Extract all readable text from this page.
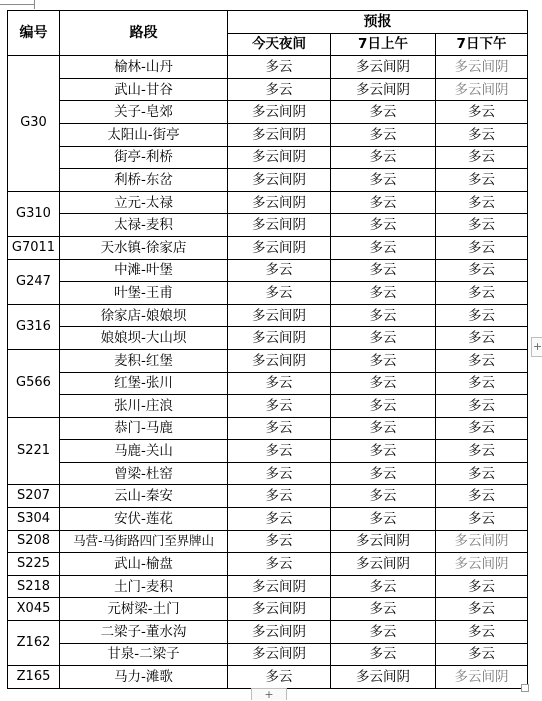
编号	路段	预报		
		今天夜间	7日上午	7日下午
G30	榆林-山丹	多云	多云间阴	多云间阴
	武山-甘谷	多云	多云间阴	多云间阴
	关子-皂郊	多云间阴	多云	多云
	太阳山-街亭	多云间阴	多云	多云
	街亭-利桥	多云间阴	多云	多云
	利桥-东岔	多云间阴	多云	多云
G310	立元-太禄	多云间阴	多云	多云
	太禄-麦积	多云间阴	多云	多云
G7011	天水镇-徐家店	多云间阴	多云	多云
G247	中滩-叶堡	多云	多云	多云
	叶堡-王甫	多云	多云	多云
G316	徐家店-娘娘坝	多云间阴	多云	多云
	娘娘坝-大山坝	多云间阴	多云	多云
G566	麦积-红堡	多云间阴	多云	多云
	红堡-张川	多云	多云	多云
	张川-庄浪	多云	多云	多云
S221	恭门-马鹿	多云	多云	多云
	马鹿-关山	多云	多云	多云
	曾梁-杜窑	多云	多云	多云
S207	云山-秦安	多云	多云	多云
S304	安伏-莲花	多云	多云	多云
S208	马营-马街路四门至界牌山	多云	多云间阴	多云间阴
S225	武山-榆盘	多云	多云间阴	多云间阴
S218	土门-麦积	多云间阴	多云	多云
X045	元树梁-土门	多云间阴	多云	多云
Z162	二梁子-董水沟	多云间阴	多云	多云
	甘泉-二梁子	多云间阴	多云	多云
Z165	马力-滩歌	多云	多云间阴	多云间阴
+
+
